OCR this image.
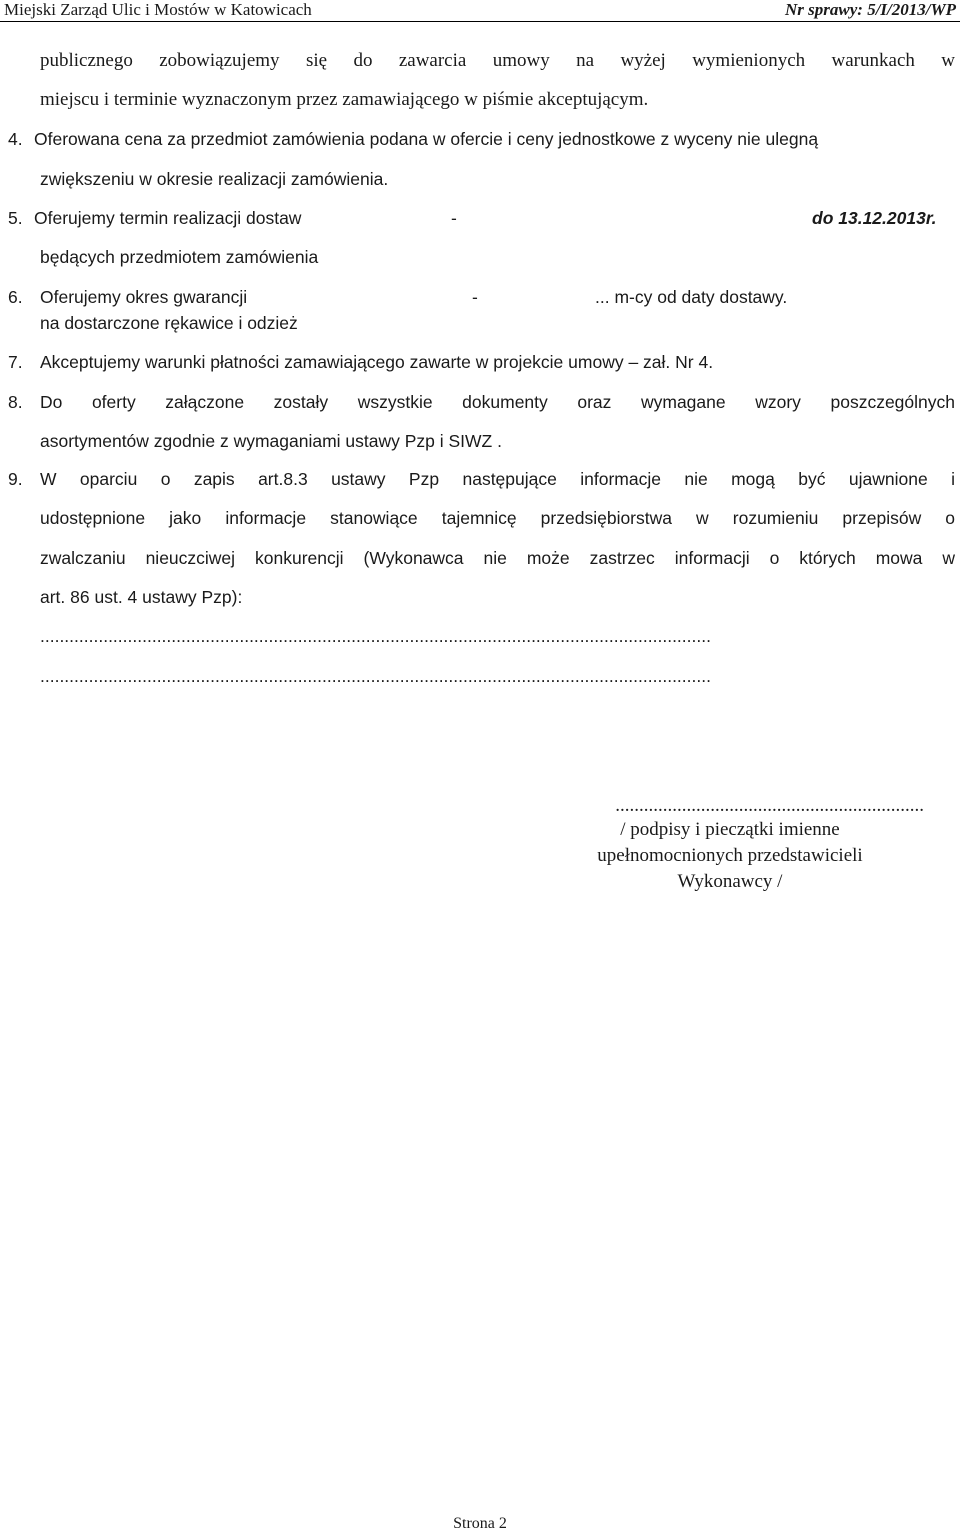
Miejski Zarząd Ulic i Mostów w Katowicach	Nr sprawy: 5/I/2013/WP
publicznego zobowiązujemy się do zawarcia umowy na wyżej wymienionych warunkach w
miejscu i terminie wyznaczonym przez zamawiającego w piśmie akceptującym.
4. Oferowana cena za przedmiot zamówienia podana w ofercie i ceny jednostkowe z wyceny nie ulegną
zwiększeniu w okresie realizacji zamówienia.
5. Oferujemy termin realizacji dostaw	-	do 13.12.2013r.
będących przedmiotem zamówienia
6. Oferujemy okres gwarancji	-	... m-cy od daty dostawy.
na dostarczone rękawice i odzież
7. Akceptujemy warunki płatności zamawiającego zawarte w projekcie umowy – zał. Nr 4.
8. Do oferty załączone zostały wszystkie dokumenty oraz wymagane wzory poszczególnych
asortymentów zgodnie z wymaganiami ustawy Pzp i SIWZ .
9. W oparciu o zapis art.8.3 ustawy Pzp następujące informacje nie mogą być ujawnione i
udostępnione jako informacje stanowiące tajemnicę przedsiębiorstwa w rozumieniu przepisów o
zwalczaniu nieuczciwej konkurencji (Wykonawca nie może zastrzec informacji o których mowa w
art. 86 ust. 4 ustawy Pzp):
..........................................................................................................................................
..........................................................................................................................................
.................................................................
/ podpisy i pieczątki imienne
upełnomocnionych przedstawicieli
Wykonawcy /
Strona 2
